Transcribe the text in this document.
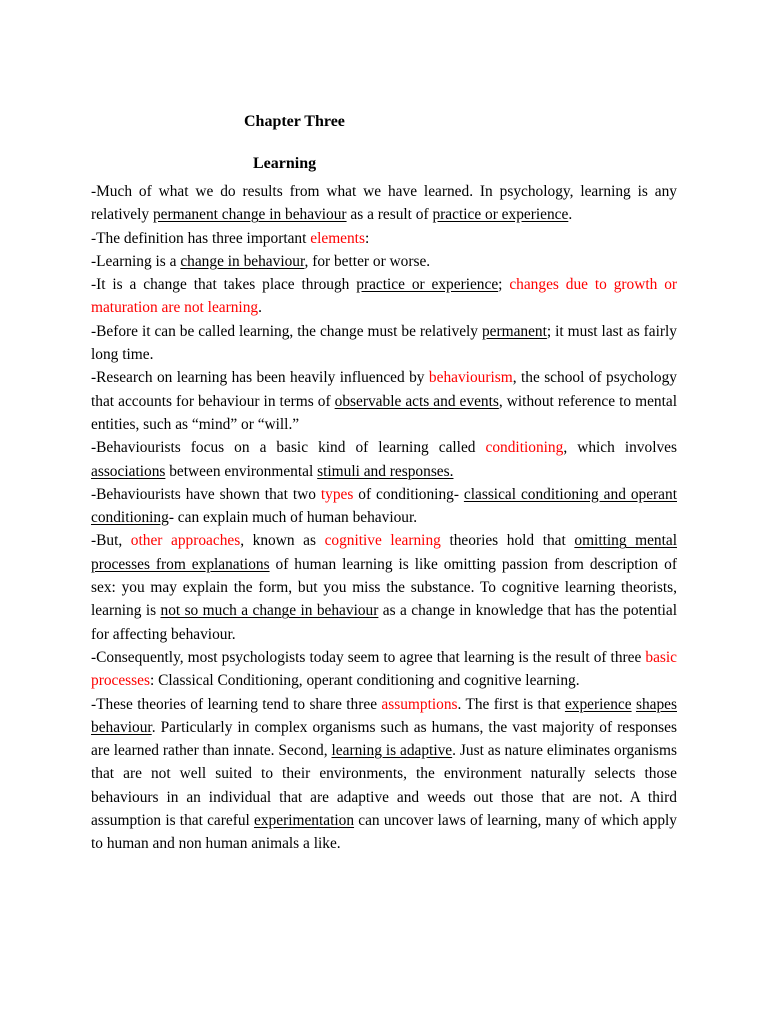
Chapter Three
Learning

-Much of what we do results from what we have learned. In psychology, learning is any relatively permanent change in behaviour as a result of practice or experience.

-The definition has three important elements:

-Learning is a change in behaviour, for better or worse.

-It is a change that takes place through practice or experience; changes due to growth or maturation are not learning.

-Before it can be called learning, the change must be relatively permanent; it must last as fairly long time.

-Research on learning has been heavily influenced by behaviourism, the school of psychology that accounts for behaviour in terms of observable acts and events, without reference to mental entities, such as “mind” or “will.”

-Behaviourists focus on a basic kind of learning called conditioning, which involves associations between environmental stimuli and responses.

-Behaviourists have shown that two types of conditioning- classical conditioning and operant conditioning- can explain much of human behaviour.

-But, other approaches, known as cognitive learning theories hold that omitting mental processes from explanations of human learning is like omitting passion from description of sex: you may explain the form, but you miss the substance. To cognitive learning theorists, learning is not so much a change in behaviour as a change in knowledge that has the potential for affecting behaviour.

-Consequently, most psychologists today seem to agree that learning is the result of three basic processes: Classical Conditioning, operant conditioning and cognitive learning.

-These theories of learning tend to share three assumptions. The first is that experience shapes behaviour. Particularly in complex organisms such as humans, the vast majority of responses are learned rather than innate. Second, learning is adaptive. Just as nature eliminates organisms that are not well suited to their environments, the environment naturally selects those behaviours in an individual that are adaptive and weeds out those that are not. A third assumption is that careful experimentation can uncover laws of learning, many of which apply to human and non human animals a like.
